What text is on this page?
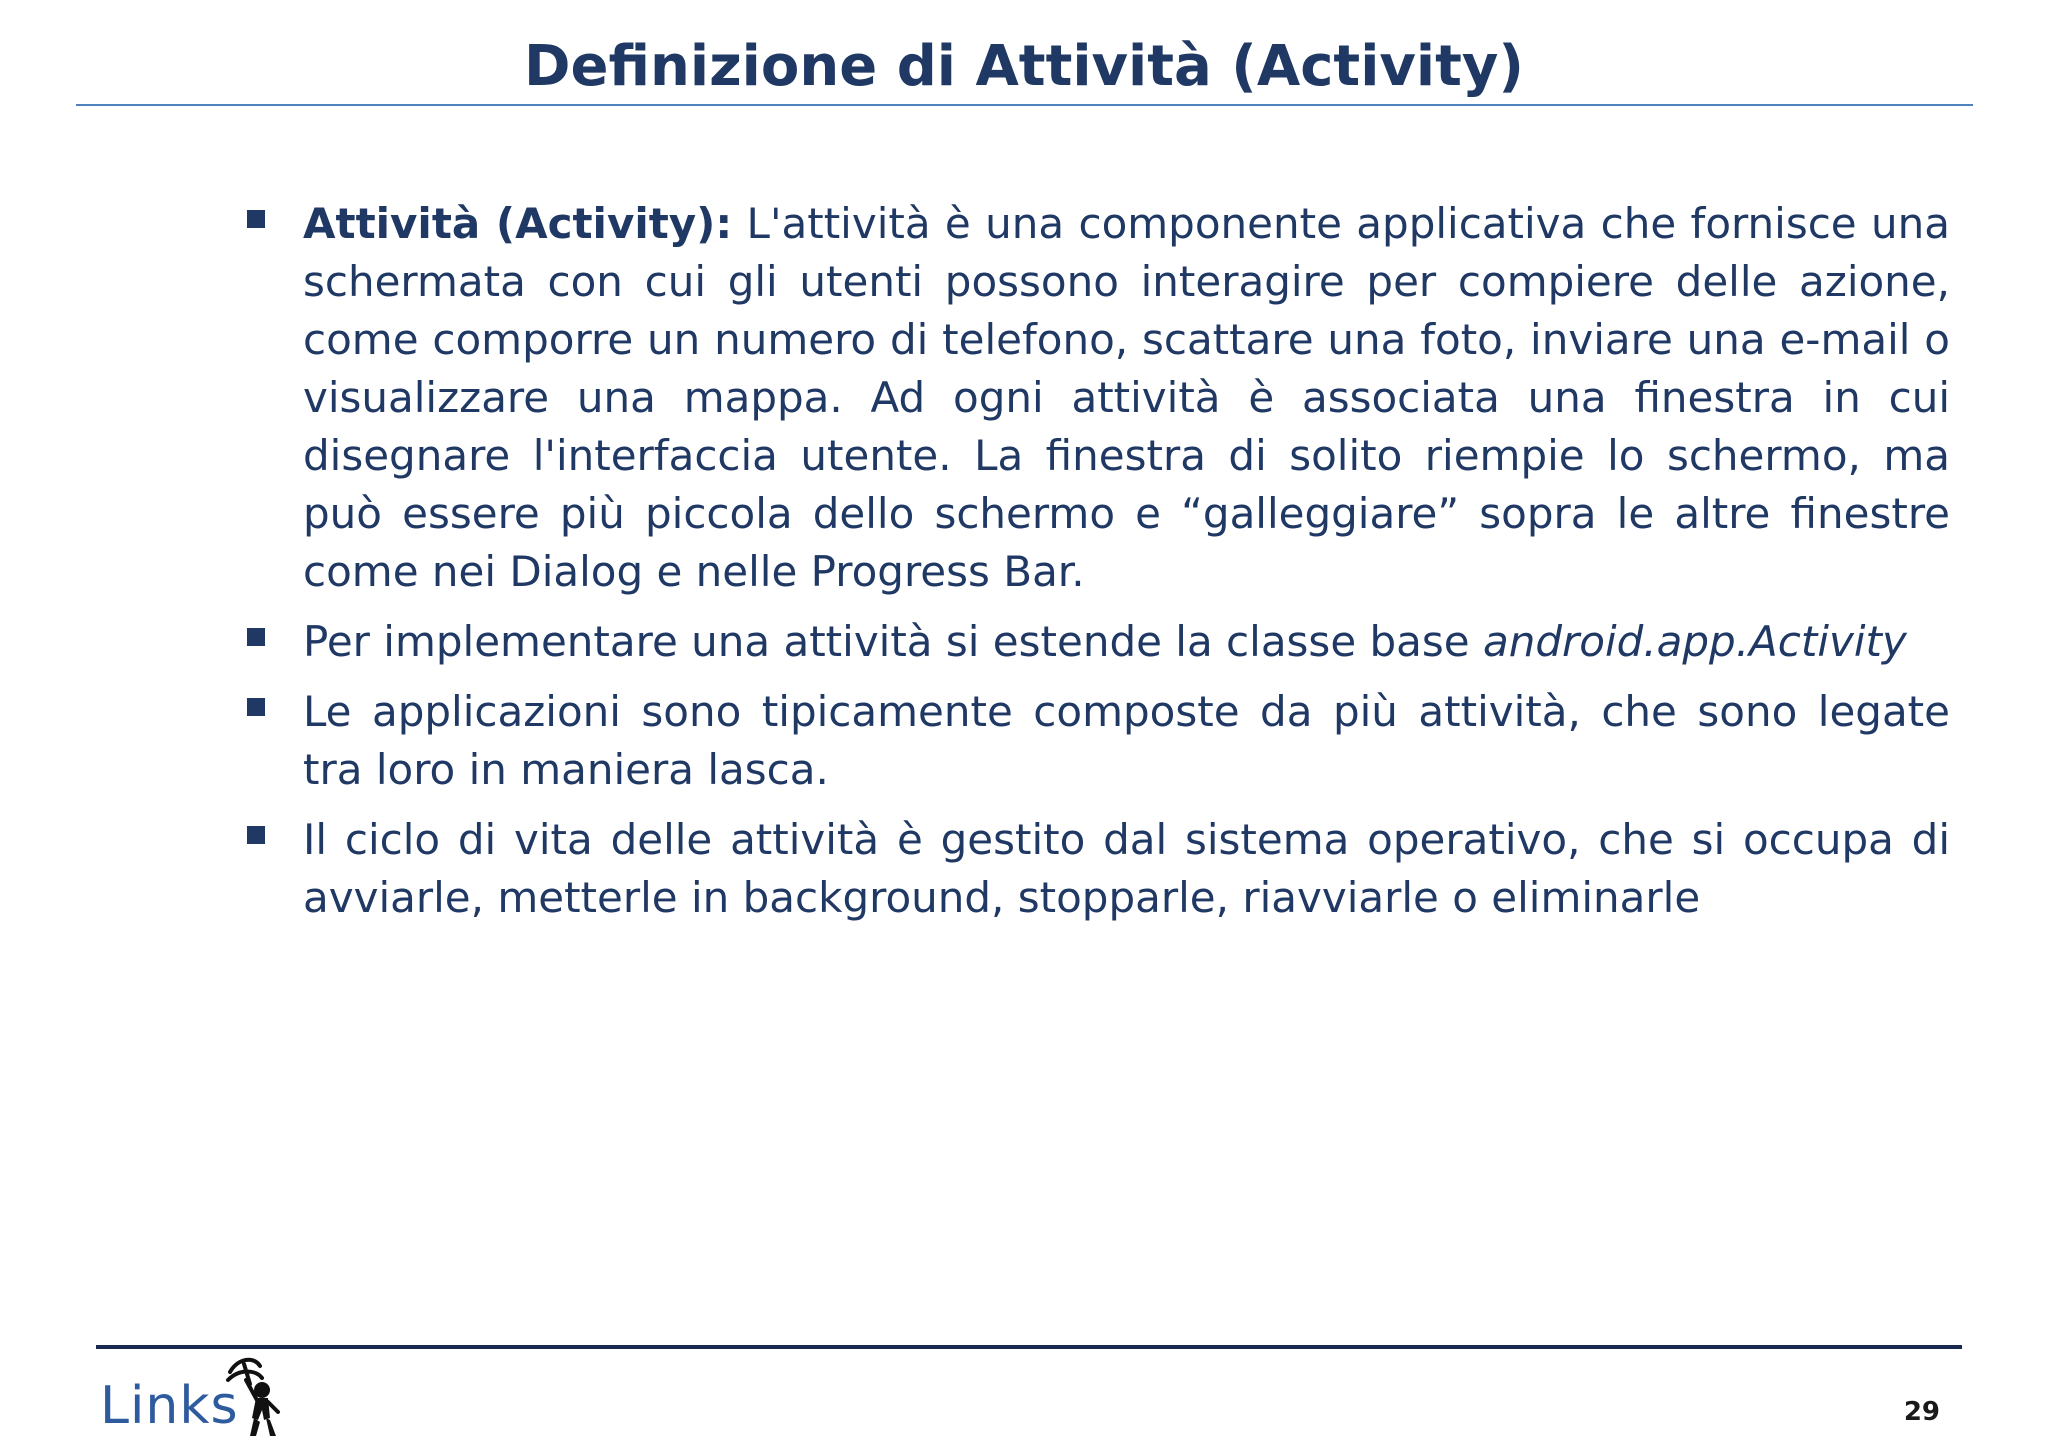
Definizione di Attività (Activity)
Attività (Activity): L'attività è una componente applicativa che fornisce una schermata con cui gli utenti possono interagire per compiere delle azione, come comporre un numero di telefono, scattare una foto, inviare una e-mail o visualizzare una mappa. Ad ogni attività è associata una finestra in cui disegnare l'interfaccia utente. La finestra di solito riempie lo schermo, ma può essere più piccola dello schermo e “galleggiare” sopra le altre finestre come nei Dialog e nelle Progress Bar.
Per implementare una attività si estende la classe base android.app.Activity
Le applicazioni sono tipicamente composte da più attività, che sono legate tra loro in maniera lasca.
Il ciclo di vita delle attività è gestito dal sistema operativo, che si occupa di avviarle, metterle in background, stopparle, riavviarle o eliminarle
Links	29
